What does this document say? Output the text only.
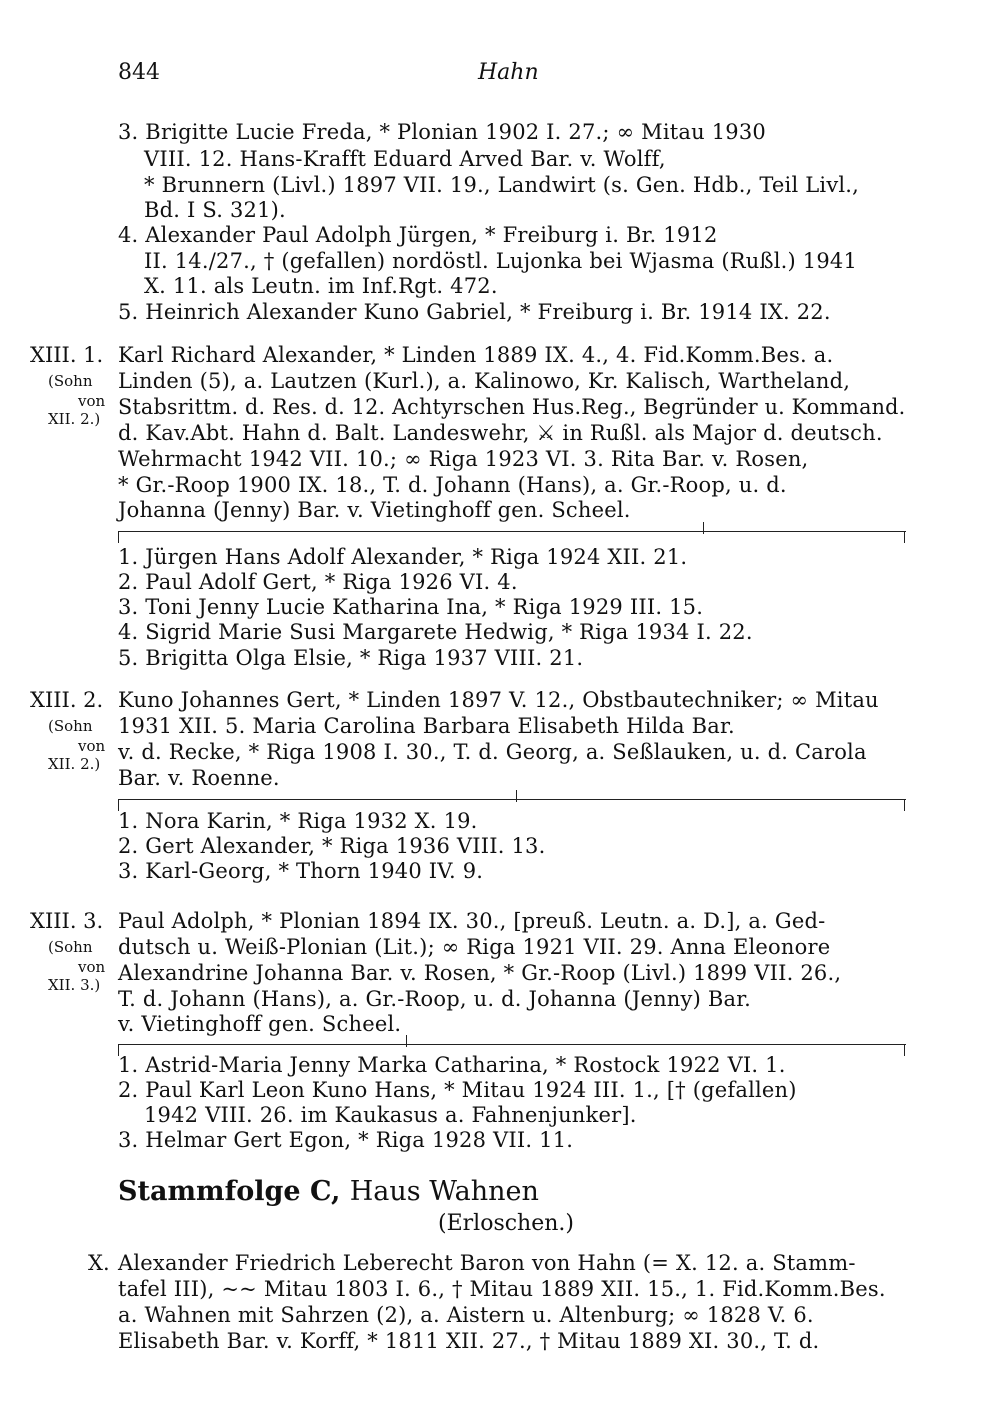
844	Hahn
3. Brigitte Lucie Freda, * Plonian 1902 I. 27.; ∞ Mitau 1930
VIII. 12. Hans-Krafft Eduard Arved Bar. v. Wolff,
* Brunnern (Livl.) 1897 VII. 19., Landwirt (s. Gen. Hdb., Teil Livl.,
Bd. I S. 321).
4. Alexander Paul Adolph Jürgen, * Freiburg i. Br. 1912
II. 14./27., † (gefallen) nordöstl. Lujonka bei Wjasma (Rußl.) 1941
X. 11. als Leutn. im Inf.Rgt. 472.
5. Heinrich Alexander Kuno Gabriel, * Freiburg i. Br. 1914 IX. 22.
XIII. 1.
(Sohn
von
XII. 2.)
Karl Richard Alexander, * Linden 1889 IX. 4., 4. Fid.Komm.Bes. a.
Linden (5), a. Lautzen (Kurl.), a. Kalinowo, Kr. Kalisch, Wartheland,
Stabsrittm. d. Res. d. 12. Achtyrschen Hus.Reg., Begründer u. Kommand.
d. Kav.Abt. Hahn d. Balt. Landeswehr, ⚔ in Rußl. als Major d. deutsch.
Wehrmacht 1942 VII. 10.; ∞ Riga 1923 VI. 3. Rita Bar. v. Rosen,
* Gr.-Roop 1900 IX. 18., T. d. Johann (Hans), a. Gr.-Roop, u. d.
Johanna (Jenny) Bar. v. Vietinghoff gen. Scheel.
1. Jürgen Hans Adolf Alexander, * Riga 1924 XII. 21.
2. Paul Adolf Gert, * Riga 1926 VI. 4.
3. Toni Jenny Lucie Katharina Ina, * Riga 1929 III. 15.
4. Sigrid Marie Susi Margarete Hedwig, * Riga 1934 I. 22.
5. Brigitta Olga Elsie, * Riga 1937 VIII. 21.
XIII. 2.
(Sohn
von
XII. 2.)
Kuno Johannes Gert, * Linden 1897 V. 12., Obstbautechniker; ∞ Mitau
1931 XII. 5. Maria Carolina Barbara Elisabeth Hilda Bar.
v. d. Recke, * Riga 1908 I. 30., T. d. Georg, a. Seßlauken, u. d. Carola
Bar. v. Roenne.
1. Nora Karin, * Riga 1932 X. 19.
2. Gert Alexander, * Riga 1936 VIII. 13.
3. Karl-Georg, * Thorn 1940 IV. 9.
XIII. 3.
(Sohn
von
XII. 3.)
Paul Adolph, * Plonian 1894 IX. 30., [preuß. Leutn. a. D.], a. Ged-
dutsch u. Weiß-Plonian (Lit.); ∞ Riga 1921 VII. 29. Anna Eleonore
Alexandrine Johanna Bar. v. Rosen, * Gr.-Roop (Livl.) 1899 VII. 26.,
T. d. Johann (Hans), a. Gr.-Roop, u. d. Johanna (Jenny) Bar.
v. Vietinghoff gen. Scheel.
1. Astrid-Maria Jenny Marka Catharina, * Rostock 1922 VI. 1.
2. Paul Karl Leon Kuno Hans, * Mitau 1924 III. 1., [† (gefallen)
1942 VIII. 26. im Kaukasus a. Fahnenjunker].
3. Helmar Gert Egon, * Riga 1928 VII. 11.
Stammfolge C, Haus Wahnen
(Erloschen.)
X. Alexander Friedrich Leberecht Baron von Hahn (= X. 12. a. Stamm-
tafel III), ~~ Mitau 1803 I. 6., † Mitau 1889 XII. 15., 1. Fid.Komm.Bes.
a. Wahnen mit Sahrzen (2), a. Aistern u. Altenburg; ∞ 1828 V. 6.
Elisabeth Bar. v. Korff, * 1811 XII. 27., † Mitau 1889 XI. 30., T. d.
